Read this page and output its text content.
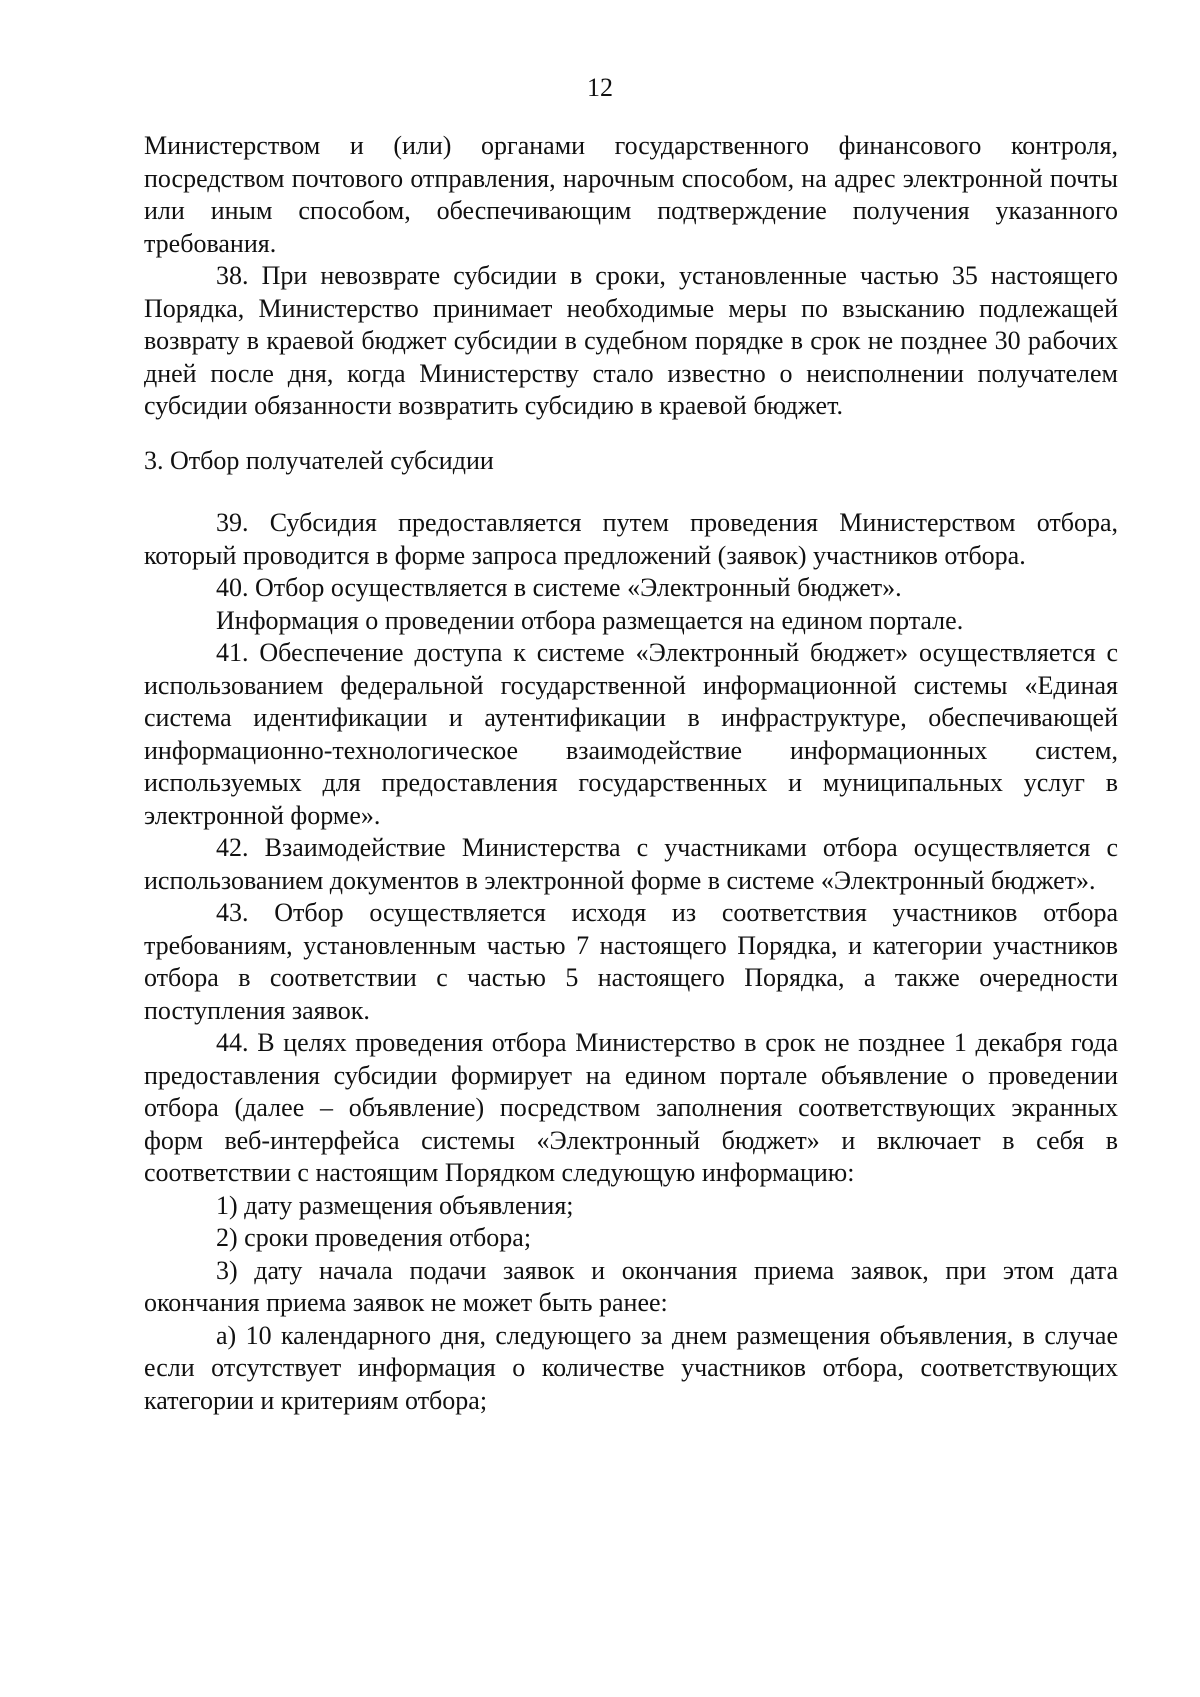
12

Министерством и (или) органами государственного финансового контроля, посредством почтового отправления, нарочным способом, на адрес электронной почты или иным способом, обеспечивающим подтверждение получения указанного требования.

38. При невозврате субсидии в сроки, установленные частью 35 настоящего Порядка, Министерство принимает необходимые меры по взысканию подлежащей возврату в краевой бюджет субсидии в судебном порядке в срок не позднее 30 рабочих дней после дня, когда Министерству стало известно о неисполнении получателем субсидии обязанности возвратить субсидию в краевой бюджет.

3. Отбор получателей субсидии

39. Субсидия предоставляется путем проведения Министерством отбора, который проводится в форме запроса предложений (заявок) участников отбора.

40. Отбор осуществляется в системе «Электронный бюджет».

Информация о проведении отбора размещается на едином портале.

41. Обеспечение доступа к системе «Электронный бюджет» осуществляется с использованием федеральной государственной информационной системы «Единая система идентификации и аутентификации в инфраструктуре, обеспечивающей информационно-технологическое взаимодействие информационных систем, используемых для предоставления государственных и муниципальных услуг в электронной форме».

42. Взаимодействие Министерства с участниками отбора осуществляется с использованием документов в электронной форме в системе «Электронный бюджет».

43. Отбор осуществляется исходя из соответствия участников отбора требованиям, установленным частью 7 настоящего Порядка, и категории участников отбора в соответствии с частью 5 настоящего Порядка, а также очередности поступления заявок.

44. В целях проведения отбора Министерство в срок не позднее 1 декабря года предоставления субсидии формирует на едином портале объявление о проведении отбора (далее – объявление) посредством заполнения соответствующих экранных форм веб-интерфейса системы «Электронный бюджет» и включает в себя в соответствии с настоящим Порядком следующую информацию:

1) дату размещения объявления;

2) сроки проведения отбора;

3) дату начала подачи заявок и окончания приема заявок, при этом дата окончания приема заявок не может быть ранее:

а) 10 календарного дня, следующего за днем размещения объявления, в случае если отсутствует информация о количестве участников отбора, соответствующих категории и критериям отбора;
